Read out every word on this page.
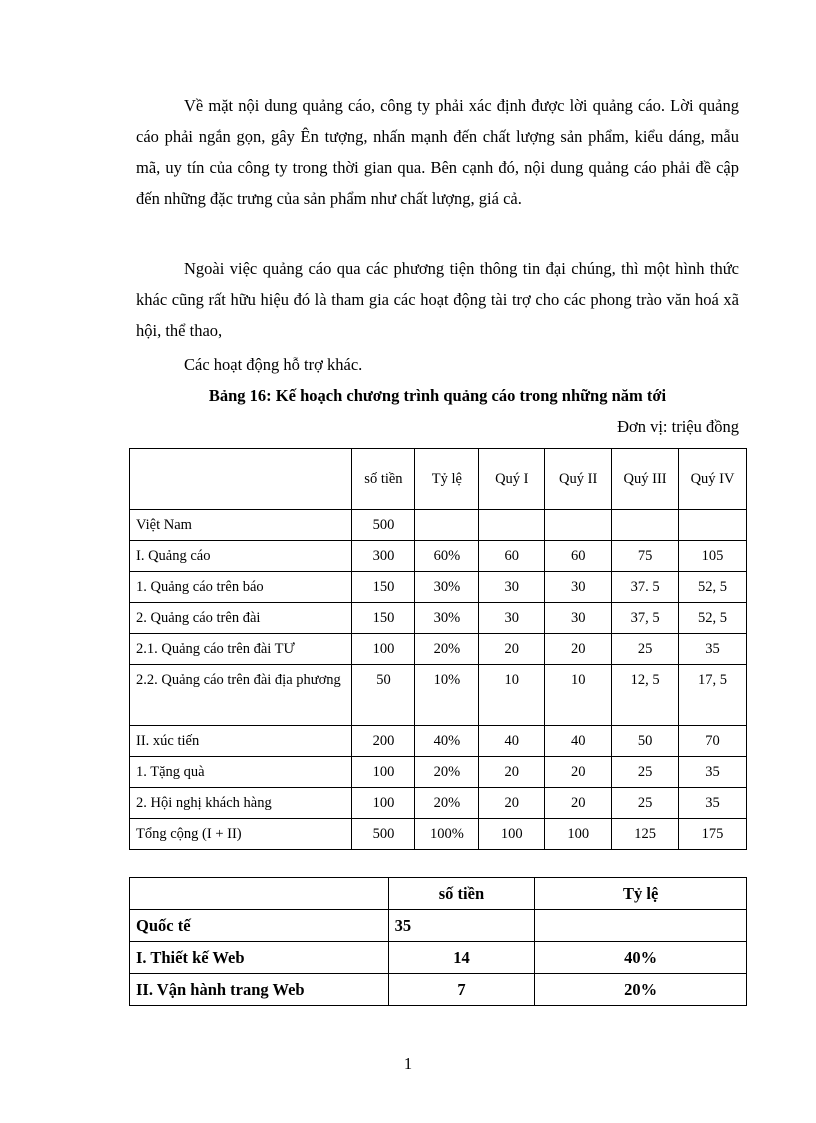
Về mặt nội dung quảng cáo, công ty phải xác định được lời quảng cáo. Lời quảng cáo phải ngắn gọn, gây Ên tượng, nhấn mạnh đến chất lượng sản phẩm, kiểu dáng, mẫu mã, uy tín của công ty trong thời gian qua. Bên cạnh đó, nội dung quảng cáo phải đề cập đến những đặc trưng của sản phẩm như chất lượng, giá cả.

Ngoài việc quảng cáo qua các phương tiện thông tin đại chúng, thì một hình thức khác cũng rất hữu hiệu đó là tham gia các hoạt động tài trợ cho các phong trào văn hoá xã hội, thể thao,

Các hoạt động hỗ trợ khác.

Bảng 16: Kế hoạch chương trình quảng cáo trong những năm tới
Đơn vị: triệu đồng
	số tiền	Tỷ lệ	Quý I	Quý II	Quý III	Quý IV
Việt Nam	500					
I. Quảng cáo	300	60%	60	60	75	105
1. Quảng cáo trên báo	150	30%	30	30	37. 5	52, 5
2. Quảng cáo trên đài	150	30%	30	30	37, 5	52, 5
2.1. Quảng cáo trên đài TƯ	100	20%	20	20	25	35
2.2. Quảng cáo trên đài địa phương	50	10%	10	10	12, 5	17, 5
II. xúc tiến	200	40%	40	40	50	70
1. Tặng quà	100	20%	20	20	25	35
2. Hội nghị khách hàng	100	20%	20	20	25	35
Tổng cộng (I + II)	500	100%	100	100	125	175
	số tiền	Tỷ lệ
Quốc tế	35	
I. Thiết kế Web	14	40%
II. Vận hành trang Web	7	20%
1
